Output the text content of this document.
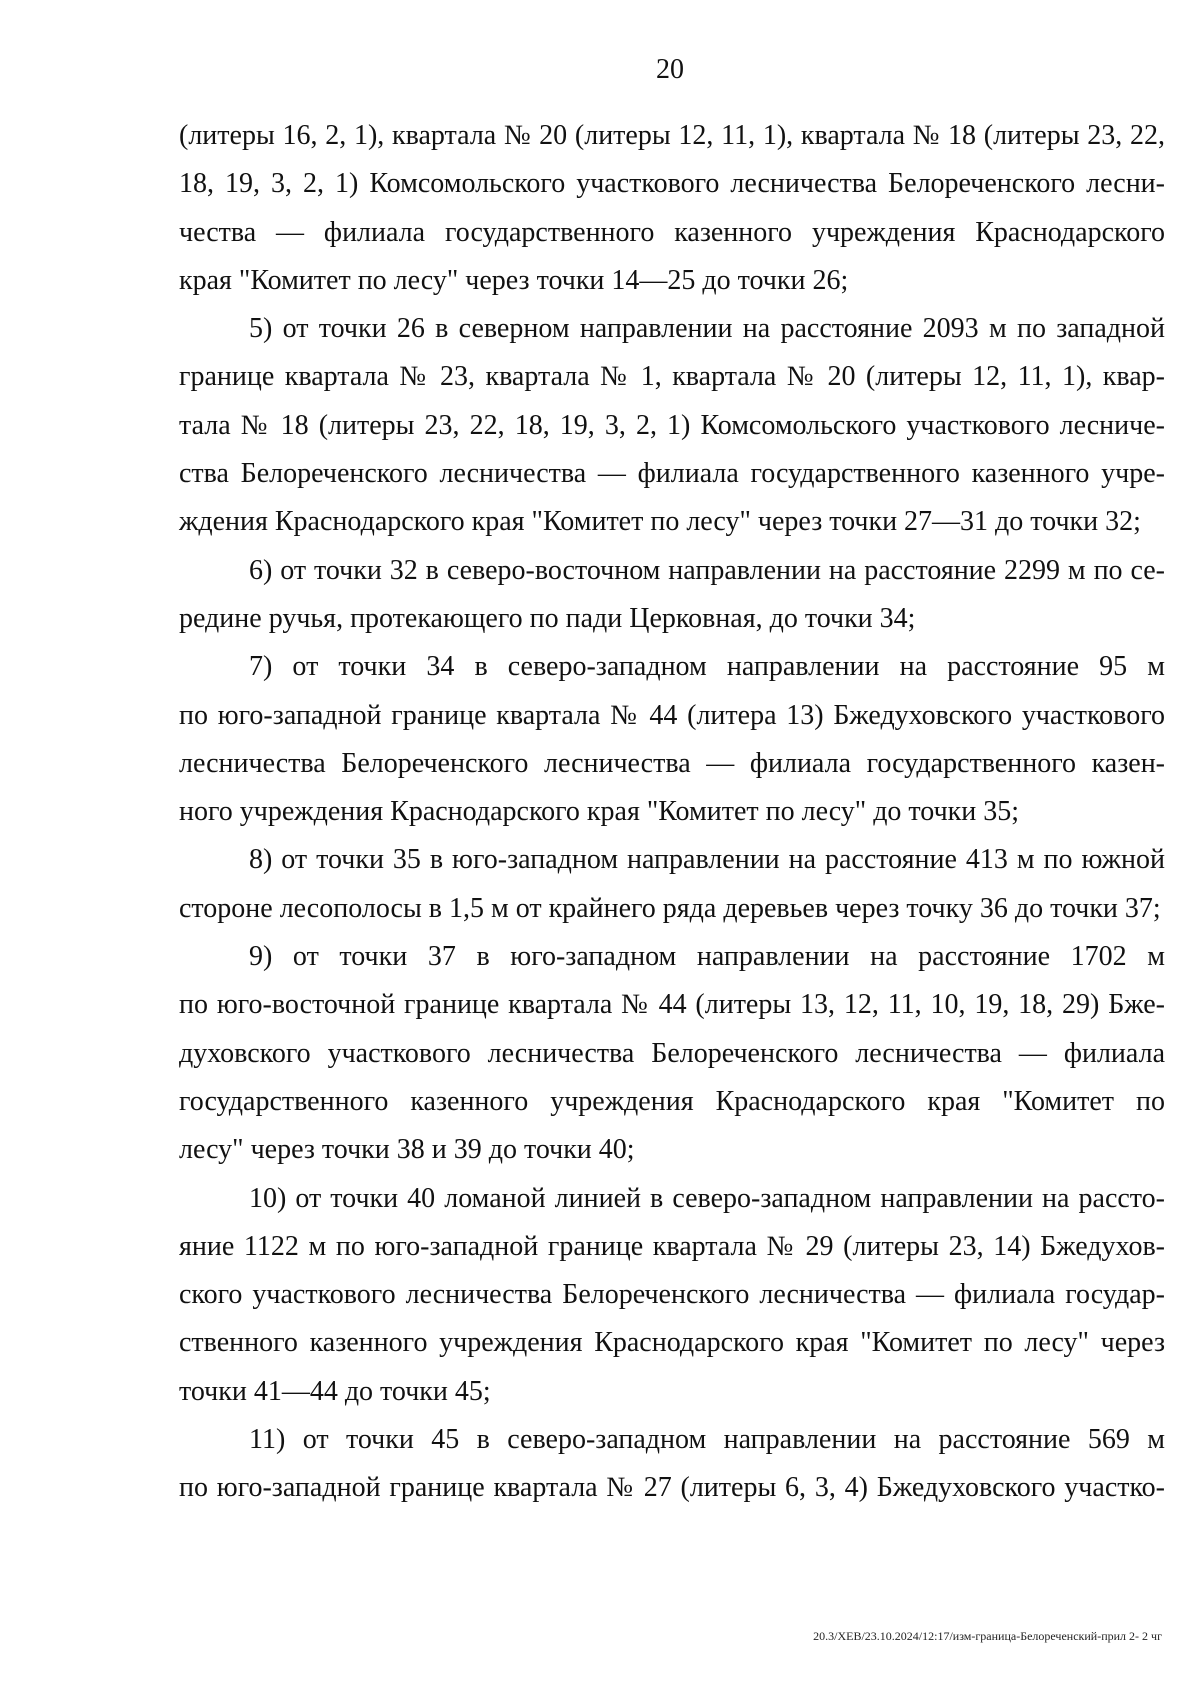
20
(литеры 16, 2, 1), квартала № 20 (литеры 12, 11, 1), квартала № 18 (литеры 23, 22,
18, 19, 3, 2, 1) Комсомольского участкового лесничества Белореченского лесни-
чества — филиала государственного казенного учреждения Краснодарского
края "Комитет по лесу" через точки 14—25 до точки 26;
5) от точки 26 в северном направлении на расстояние 2093 м по западной
границе квартала № 23, квартала № 1, квартала № 20 (литеры 12, 11, 1), квар-
тала № 18 (литеры 23, 22, 18, 19, 3, 2, 1) Комсомольского участкового лесниче-
ства Белореченского лесничества — филиала государственного казенного учре-
ждения Краснодарского края "Комитет по лесу" через точки 27—31 до точки 32;
6) от точки 32 в северо-восточном направлении на расстояние 2299 м по се-
редине ручья, протекающего по пади Церковная, до точки 34;
7) от точки 34 в северо-западном направлении на расстояние 95 м
по юго-западной границе квартала № 44 (литера 13) Бжедуховского участкового
лесничества Белореченского лесничества — филиала государственного казен-
ного учреждения Краснодарского края "Комитет по лесу" до точки 35;
8) от точки 35 в юго-западном направлении на расстояние 413 м по южной
стороне лесополосы в 1,5 м от крайнего ряда деревьев через точку 36 до точки 37;
9) от точки 37 в юго-западном направлении на расстояние 1702 м
по юго-восточной границе квартала № 44 (литеры 13, 12, 11, 10, 19, 18, 29) Бже-
духовского участкового лесничества Белореченского лесничества — филиала
государственного казенного учреждения Краснодарского края "Комитет по
лесу" через точки 38 и 39 до точки 40;
10) от точки 40 ломаной линией в северо-западном направлении на рассто-
яние 1122 м по юго-западной границе квартала № 29 (литеры 23, 14) Бжедухов-
ского участкового лесничества Белореченского лесничества — филиала государ-
ственного казенного учреждения Краснодарского края "Комитет по лесу" через
точки 41—44 до точки 45;
11) от точки 45 в северо-западном направлении на расстояние 569 м
по юго-западной границе квартала № 27 (литеры 6, 3, 4) Бжедуховского участко-
20.3/ХЕВ/23.10.2024/12:17/изм-граница-Белореченский-прил 2- 2 чг
